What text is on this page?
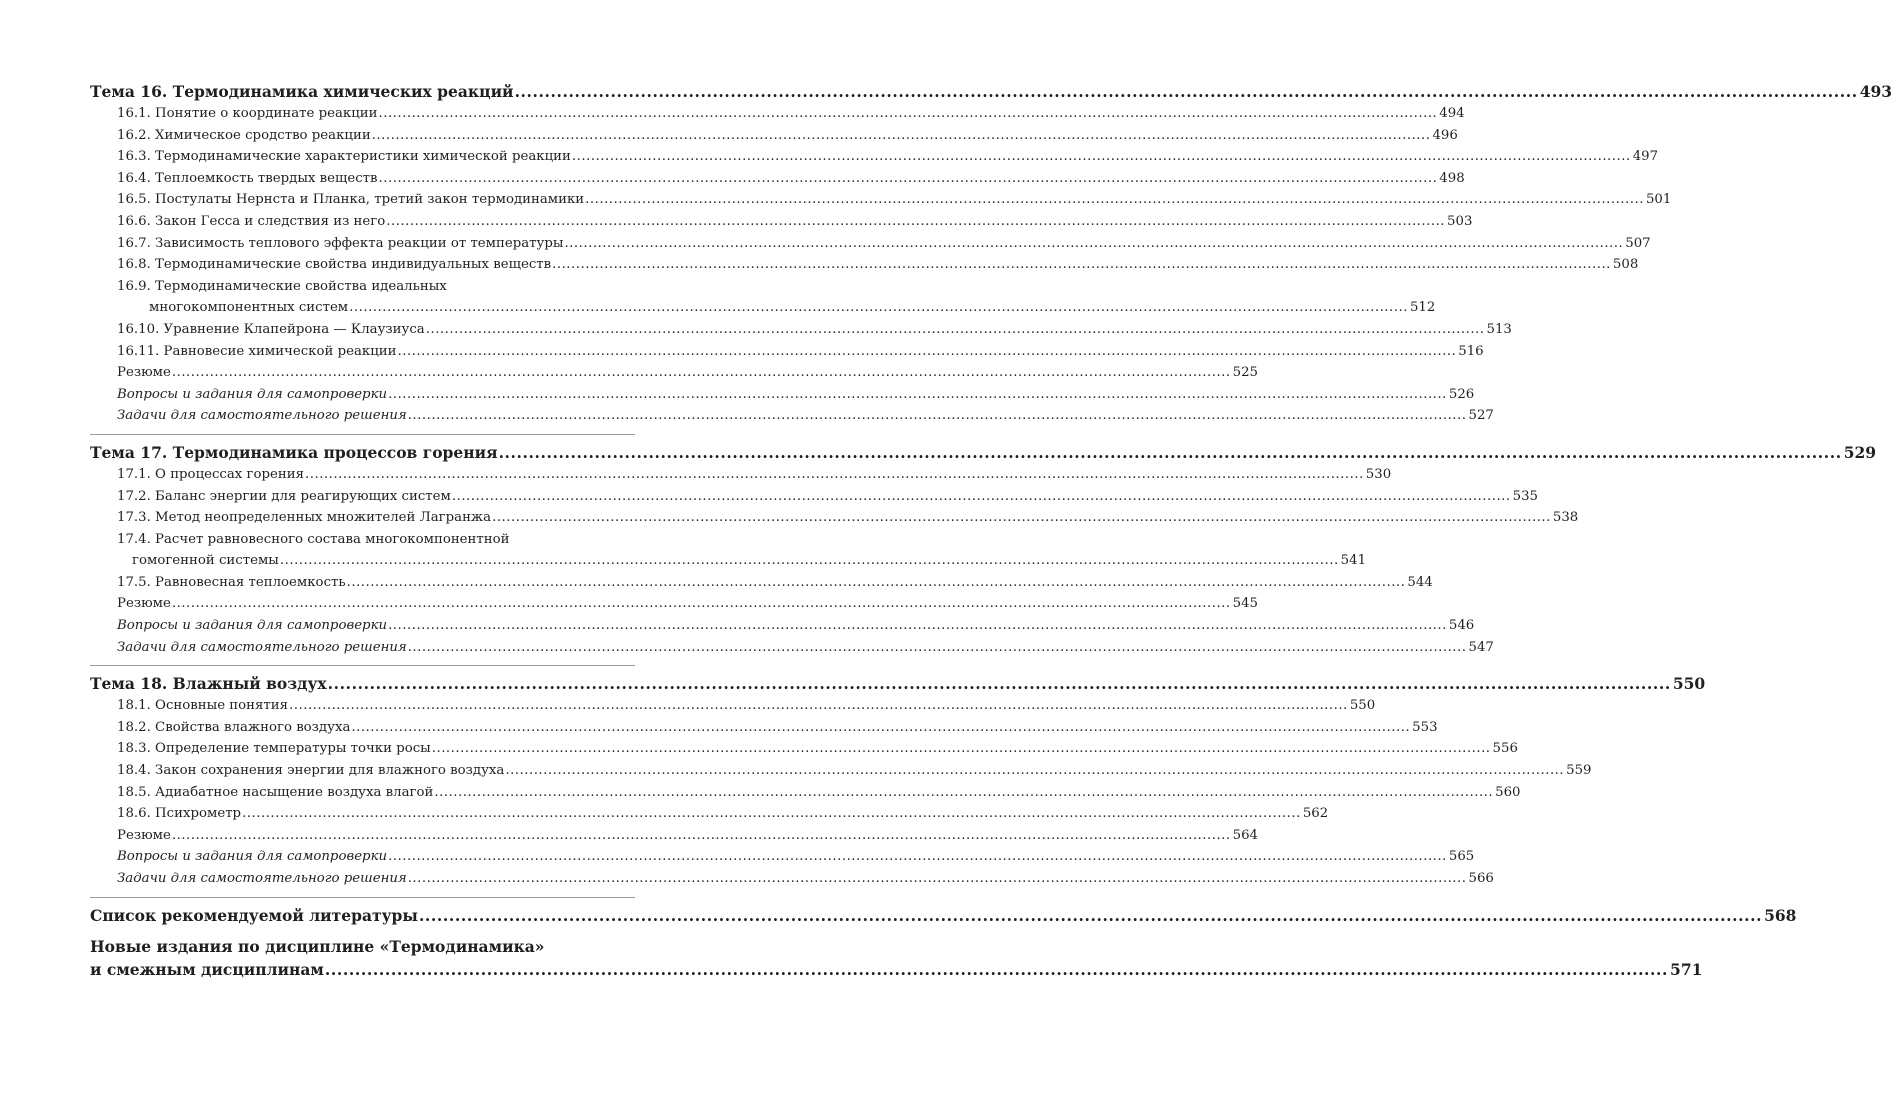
Тема 16. Термодинамика химических реакций .....	493
16.1. Понятие о координате реакции .....	494
16.2. Химическое сродство реакции .....	496
16.3. Термодинамические характеристики химической реакции .....	497
16.4. Теплоемкость твердых веществ .....	498
16.5. Постулаты Нернста и Планка, третий закон термодинамики .....	501
16.6. Закон Гесса и следствия из него .....	503
16.7. Зависимость теплового эффекта реакции от температуры .....	507
16.8. Термодинамические свойства индивидуальных веществ .....	508
16.9. Термодинамические свойства идеальных
многокомпонентных систем .....	512
16.10. Уравнение Клапейрона — Клаузиуса .....	513
16.11. Равновесие химической реакции .....	516
Резюме .....	525
Вопросы и задания для самопроверки .....	526
Задачи для самостоятельного решения .....	527
Тема 17. Термодинамика процессов горения .....	529
17.1. О процессах горения .....	530
17.2. Баланс энергии для реагирующих систем .....	535
17.3. Метод неопределенных множителей Лагранжа .....	538
17.4. Расчет равновесного состава многокомпонентной
гомогенной системы .....	541
17.5. Равновесная теплоемкость .....	544
Резюме .....	545
Вопросы и задания для самопроверки .....	546
Задачи для самостоятельного решения .....	547
Тема 18. Влажный воздух .....	550
18.1. Основные понятия .....	550
18.2. Свойства влажного воздуха .....	553
18.3. Определение температуры точки росы .....	556
18.4. Закон сохранения энергии для влажного воздуха .....	559
18.5. Адиабатное насыщение воздуха влагой .....	560
18.6. Психрометр .....	562
Резюме .....	564
Вопросы и задания для самопроверки .....	565
Задачи для самостоятельного решения .....	566
Список рекомендуемой литературы .....	568
Новые издания по дисциплине «Термодинамика»
и смежным дисциплинам .....	571
